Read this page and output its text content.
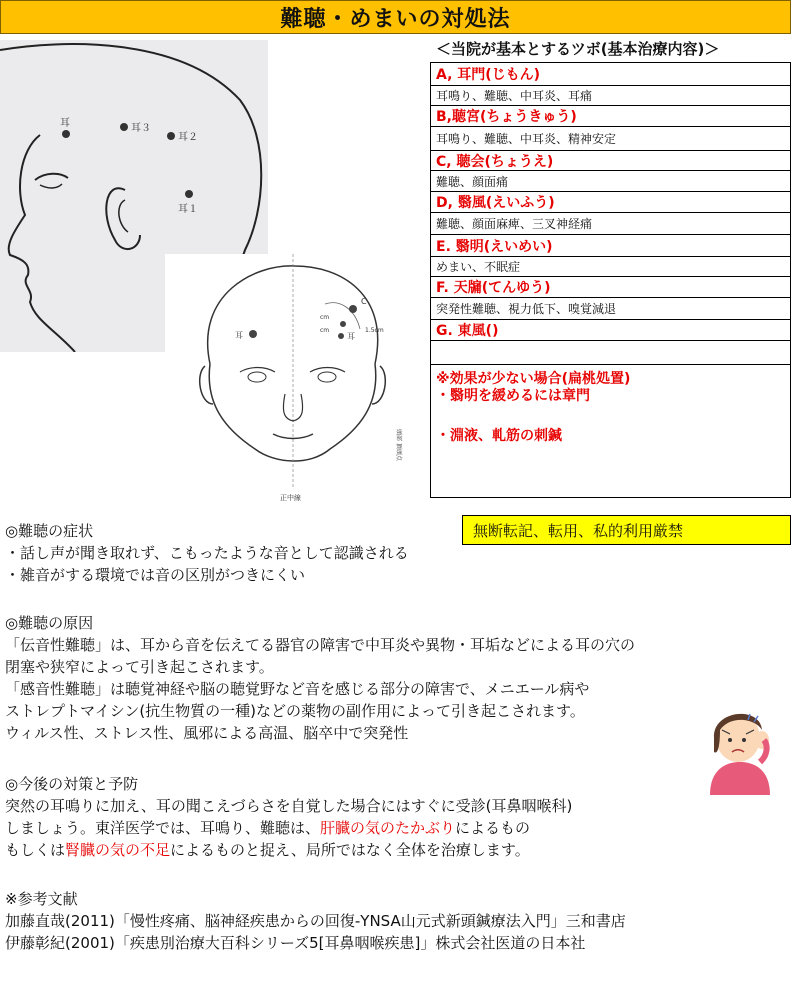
難聴・めまいの対処法
耳	耳３
耳２
耳１
耳
C
cm
cm	1.5cm
耳
正中線
頭部 頂頭点
＜当院が基本とするツボ(基本治療内容)＞
A, 耳門(じもん)
耳鳴り、難聴、中耳炎、耳痛
B,聴宮(ちょうきゅう)
耳鳴り、難聴、中耳炎、精神安定
C, 聴会(ちょうえ)
難聴、顔面痛
D, 翳風(えいふう)
難聴、顔面麻痺、三叉神経痛
E. 翳明(えいめい)
めまい、不眠症
F. 天牖(てんゆう)
突発性難聴、視力低下、嗅覚減退
G. 東風()
※効果が少ない場合(扁桃処置)
・翳明を緩めるには章門
・淵液、軋筋の刺鍼
無断転記、転用、私的利用厳禁
◎難聴の症状
・話し声が聞き取れず、こもったような音として認識される
・雑音がする環境では音の区別がつきにくい
◎難聴の原因
「伝音性難聴」は、耳から音を伝えてる器官の障害で中耳炎や異物・耳垢などによる耳の穴の
閉塞や狭窄によって引き起こされます。
「感音性難聴」は聴覚神経や脳の聴覚野など音を感じる部分の障害で、メニエール病や
ストレプトマイシン(抗生物質の一種)などの薬物の副作用によって引き起こされます。
ウィルス性、ストレス性、風邪による高温、脳卒中で突発性
◎今後の対策と予防
突然の耳鳴りに加え、耳の聞こえづらさを自覚した場合にはすぐに受診(耳鼻咽喉科)
しましょう。東洋医学では、耳鳴り、難聴は、肝臓の気のたかぶりによるもの
もしくは腎臓の気の不足によるものと捉え、局所ではなく全体を治療します。
※参考文献
加藤直哉(2011)「慢性疼痛、脳神経疾患からの回復-YNSA山元式新頭鍼療法入門」三和書店
伊藤彰紀(2001)「疾患別治療大百科シリーズ5[耳鼻咽喉疾患]」株式会社医道の日本社
